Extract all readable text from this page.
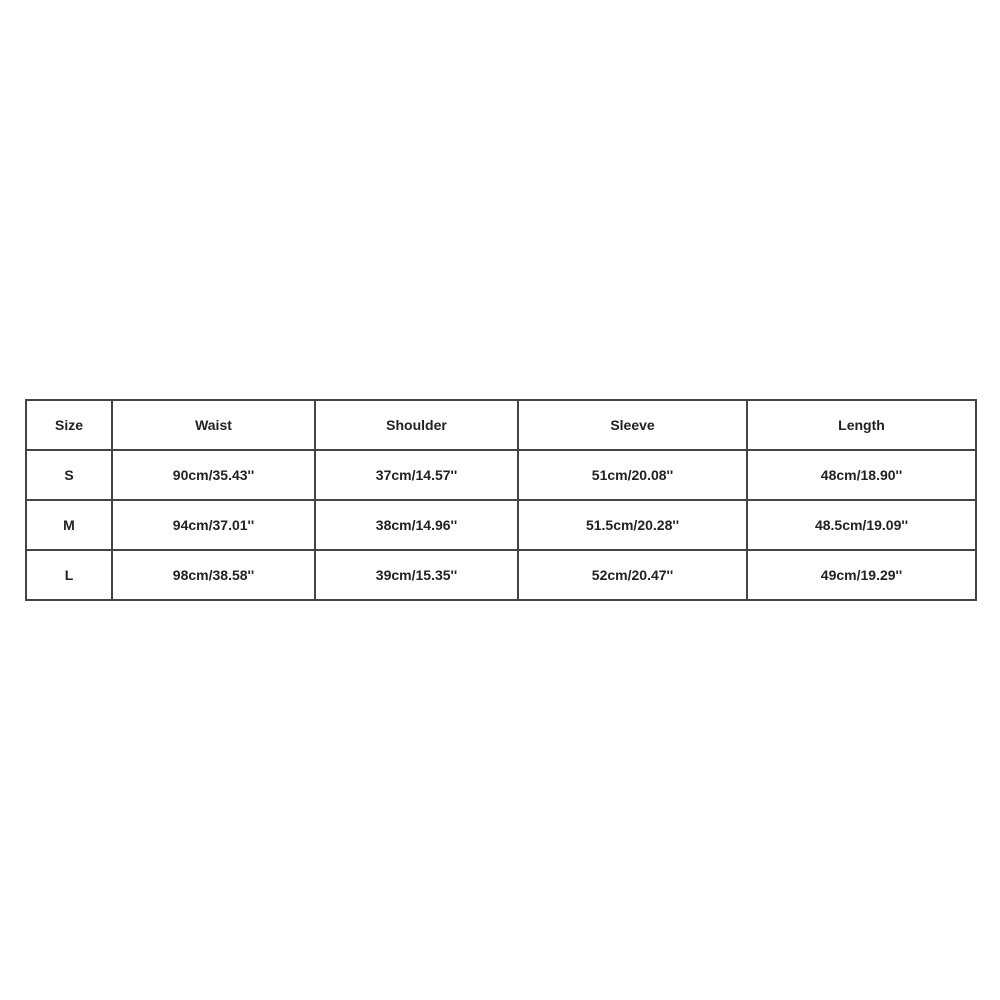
Size	Waist	Shoulder	Sleeve	Length
S	90cm/35.43''	37cm/14.57''	51cm/20.08''	48cm/18.90''
M	94cm/37.01''	38cm/14.96''	51.5cm/20.28''	48.5cm/19.09''
L	98cm/38.58''	39cm/15.35''	52cm/20.47''	49cm/19.29''
